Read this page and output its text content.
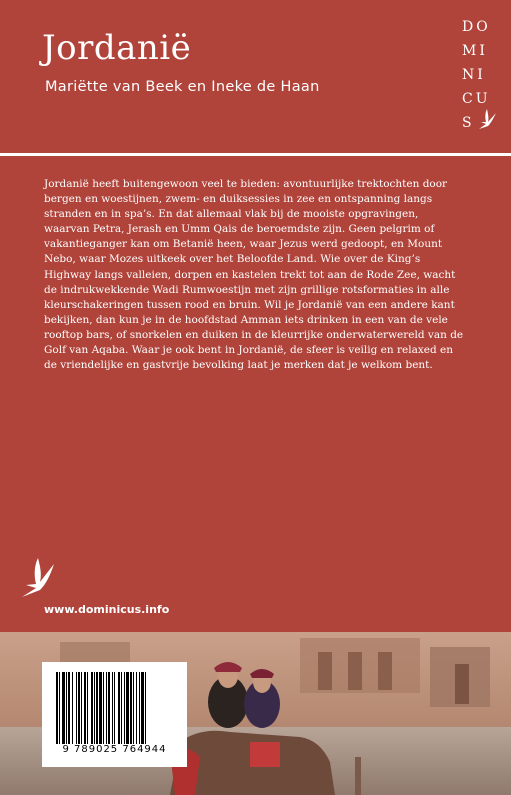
Jordanië
Mariëtte van Beek en Ineke de Haan
DO
MI
NI
CU
S

Jordanië heeft buitengewoon veel te bieden: avontuurlijke trektochten door bergen en woestijnen, zwem- en duiksessies in zee en ontspanning langs stranden en in spa’s. En dat allemaal vlak bij de mooiste opgravingen, waarvan Petra, Jerash en Umm Qais de beroemdste zijn. Geen pelgrim of vakantieganger kan om Betanië heen, waar Jezus werd gedoopt, en Mount Nebo, waar Mozes uitkeek over het Beloofde Land. Wie over de King’s Highway langs valleien, dorpen en kastelen trekt tot aan de Rode Zee, wacht de indrukwekkende Wadi Rumwoestijn met zijn grillige rotsformaties in alle kleurschakeringen tussen rood en bruin. Wil je Jordanië van een andere kant bekijken, dan kun je in de hoofdstad Amman iets drinken in een van de vele rooftop bars, of snorkelen en duiken in de kleurrijke onderwaterwereld van de Golf van Aqaba. Waar je ook bent in Jordanië, de sfeer is veilig en relaxed en de vriendelijke en gastvrije bevolking laat je merken dat je welkom bent.

www.dominicus.info
9 789025 764944
